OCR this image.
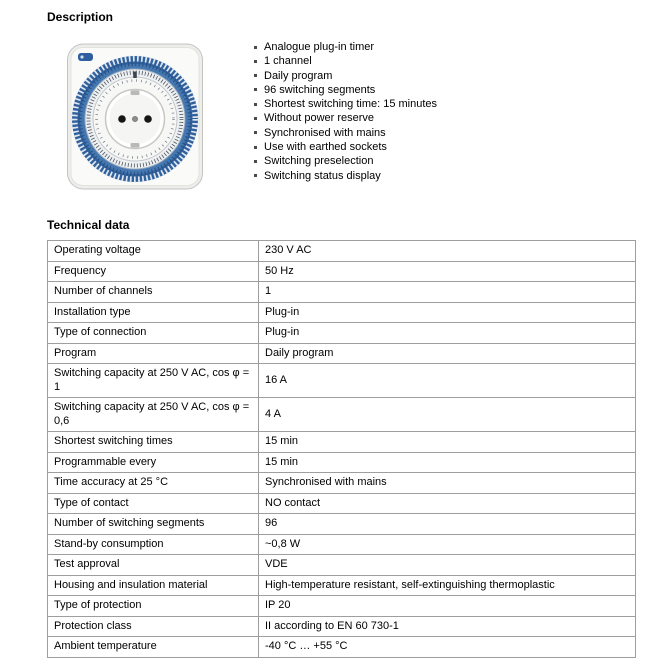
Description
Analogue plug-in timer
1 channel
Daily program
96 switching segments
Shortest switching time: 15 minutes
Without power reserve
Synchronised with mains
Use with earthed sockets
Switching preselection
Switching status display
Technical data
Operating voltage	230 V AC
Frequency	50 Hz
Number of channels	1
Installation type	Plug-in
Type of connection	Plug-in
Program	Daily program
Switching capacity at 250 V AC, cos φ = 1	16 A
Switching capacity at 250 V AC, cos φ = 0,6	4 A
Shortest switching times	15 min
Programmable every	15 min
Time accuracy at 25 °C	Synchronised with mains
Type of contact	NO contact
Number of switching segments	96
Stand-by consumption	~0,8 W
Test approval	VDE
Housing and insulation material	High-temperature resistant, self-extinguishing thermoplastic
Type of protection	IP 20
Protection class	II according to EN 60 730-1
Ambient temperature	-40 °C … +55 °C
